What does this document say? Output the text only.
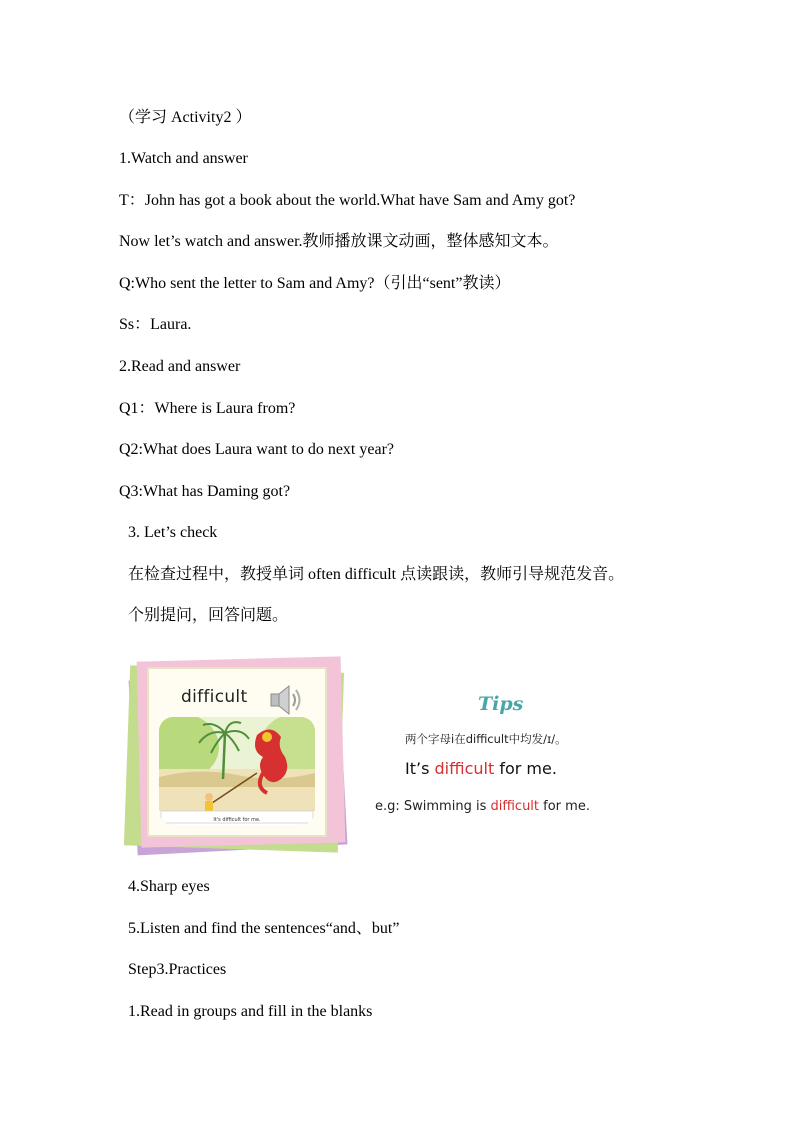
（学习 Activity2 ）
1.Watch and answer
T：John has got a book about the world.What have Sam and Amy got?
Now let’s watch and answer.教师播放课文动画，整体感知文本。
Q:Who sent the letter to Sam and Amy?（引出“sent”教读）
Ss：Laura.
2.Read and answer
Q1：Where is Laura from?
Q2:What does Laura want to do next year?
Q3:What has Daming got?
3. Let’s check
在检查过程中，教授单词 often difficult 点读跟读，教师引导规范发音。
个别提问，回答问题。
difficult
It's difficult for me.
Tips
两个字母i在difficult中均发/ɪ/。
It’s difficult for me.
e.g: Swimming is difficult for me.
4.Sharp eyes
5.Listen and find the sentences“and、but”
Step3.Practices
1.Read in groups and fill in the blanks
